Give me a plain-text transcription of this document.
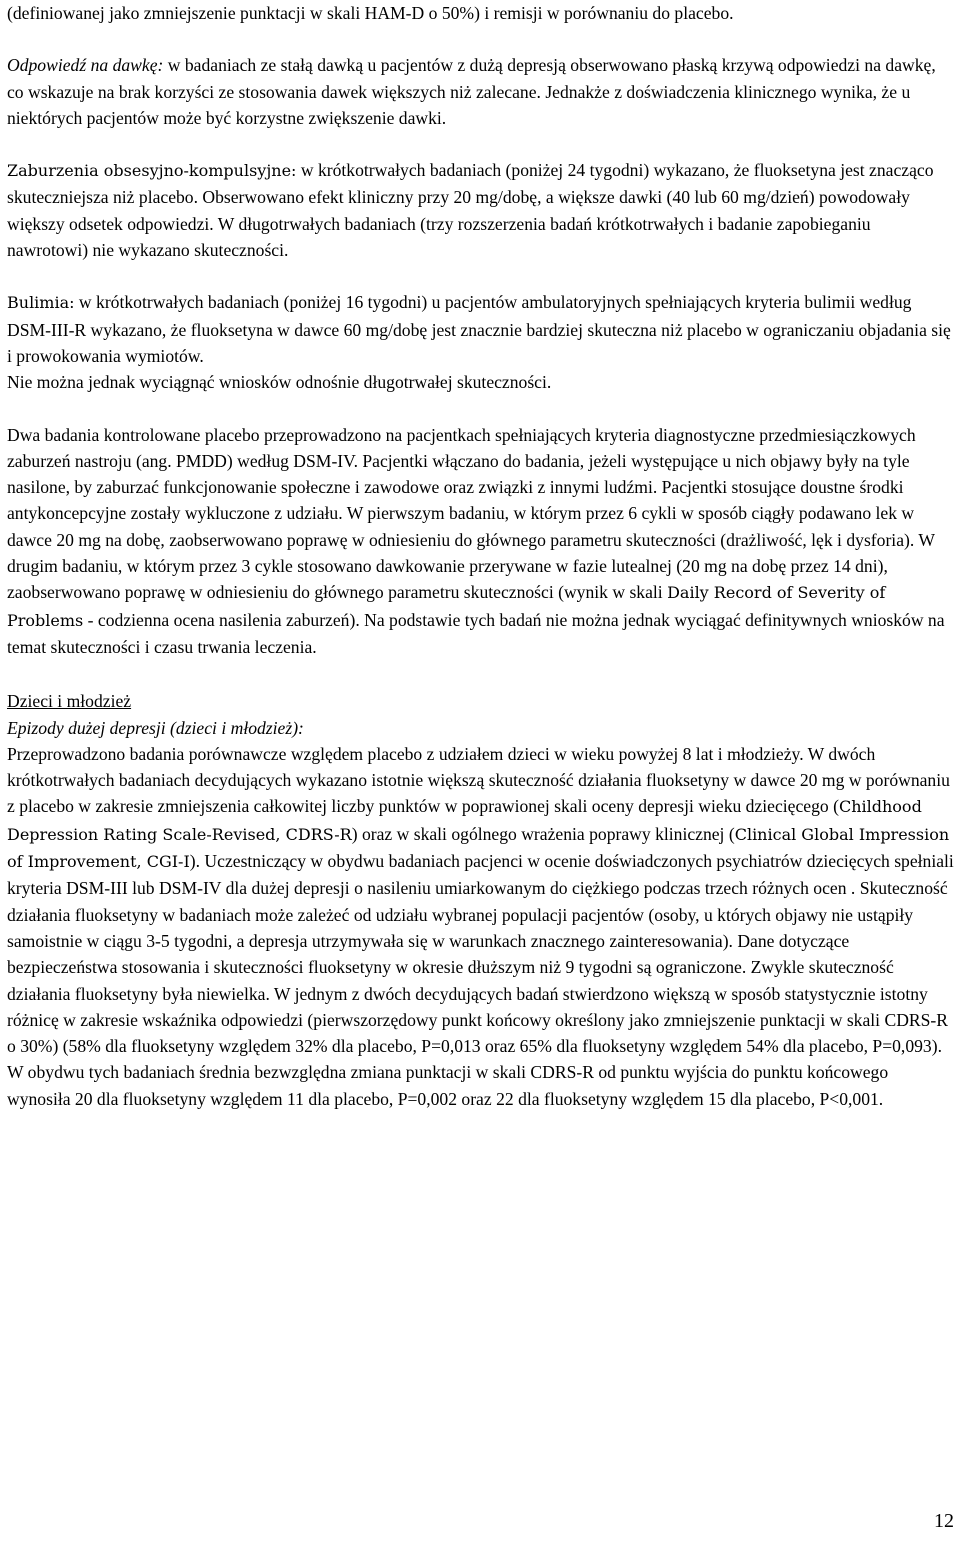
(definiowanej jako zmniejszenie punktacji w skali HAM-D o 50%) i remisji w porównaniu do placebo.

Odpowiedź na dawkę: w badaniach ze stałą dawką u pacjentów z dużą depresją obserwowano płaską krzywą odpowiedzi na dawkę, co wskazuje na brak korzyści ze stosowania dawek większych niż zalecane. Jednakże z doświadczenia klinicznego wynika, że u niektórych pacjentów może być korzystne zwiększenie dawki.

Zaburzenia obsesyjno-kompulsyjne: w krótkotrwałych badaniach (poniżej 24 tygodni) wykazano, że fluoksetyna jest znacząco skuteczniejsza niż placebo. Obserwowano efekt kliniczny przy 20 mg/dobę, a większe dawki (40 lub 60 mg/dzień) powodowały większy odsetek odpowiedzi. W długotrwałych badaniach (trzy rozszerzenia badań krótkotrwałych i badanie zapobieganiu nawrotowi) nie wykazano skuteczności.

Bulimia: w krótkotrwałych badaniach (poniżej 16 tygodni) u pacjentów ambulatoryjnych spełniających kryteria bulimii według DSM-III-R wykazano, że fluoksetyna w dawce 60 mg/dobę jest znacznie bardziej skuteczna niż placebo w ograniczaniu objadania się i prowokowania wymiotów.

Nie można jednak wyciągnąć wniosków odnośnie długotrwałej skuteczności.

Dwa badania kontrolowane placebo przeprowadzono na pacjentkach spełniających kryteria diagnostyczne przedmiesiączkowych zaburzeń nastroju (ang. PMDD) według DSM-IV. Pacjentki włączano do badania, jeżeli występujące u nich objawy były na tyle nasilone, by zaburzać funkcjonowanie społeczne i zawodowe oraz związki z innymi ludźmi. Pacjentki stosujące doustne środki antykoncepcyjne zostały wykluczone z udziału. W pierwszym badaniu, w którym przez 6 cykli w sposób ciągły podawano lek w dawce 20 mg na dobę, zaobserwowano poprawę w odniesieniu do głównego parametru skuteczności (drażliwość, lęk i dysforia). W drugim badaniu, w którym przez 3 cykle stosowano dawkowanie przerywane w fazie lutealnej (20 mg na dobę przez 14 dni), zaobserwowano poprawę w odniesieniu do głównego parametru skuteczności (wynik w skali Daily Record of Severity of Problems - codzienna ocena nasilenia zaburzeń). Na podstawie tych badań nie można jednak wyciągać definitywnych wniosków na temat skuteczności i czasu trwania leczenia.

Dzieci i młodzież

Epizody dużej depresji (dzieci i młodzież):

Przeprowadzono badania porównawcze względem placebo z udziałem dzieci w wieku powyżej 8 lat i młodzieży. W dwóch krótkotrwałych badaniach decydujących wykazano istotnie większą skuteczność działania fluoksetyny w dawce 20 mg w porównaniu z placebo w zakresie zmniejszenia całkowitej liczby punktów w poprawionej skali oceny depresji wieku dziecięcego (Childhood Depression Rating Scale-Revised, CDRS-R) oraz w skali ogólnego wrażenia poprawy klinicznej (Clinical Global Impression of Improvement, CGI-I). Uczestniczący w obydwu badaniach pacjenci w ocenie doświadczonych psychiatrów dziecięcych spełniali kryteria DSM-III lub DSM-IV dla dużej depresji o nasileniu umiarkowanym do ciężkiego podczas trzech różnych ocen . Skuteczność działania fluoksetyny w badaniach może zależeć od udziału wybranej populacji pacjentów (osoby, u których objawy nie ustąpiły samoistnie w ciągu 3-5 tygodni, a depresja utrzymywała się w warunkach znacznego zainteresowania). Dane dotyczące bezpieczeństwa stosowania i skuteczności fluoksetyny w okresie dłuższym niż 9 tygodni są ograniczone. Zwykle skuteczność działania fluoksetyny była niewielka. W jednym z dwóch decydujących badań stwierdzono większą w sposób statystycznie istotny różnicę w zakresie wskaźnika odpowiedzi (pierwszorzędowy punkt końcowy określony jako zmniejszenie punktacji w skali CDRS-R o 30%) (58% dla fluoksetyny względem 32% dla placebo, P=0,013 oraz 65% dla fluoksetyny względem 54% dla placebo, P=0,093). W obydwu tych badaniach średnia bezwzględna zmiana punktacji w skali CDRS-R od punktu wyjścia do punktu końcowego wynosiła 20 dla fluoksetyny względem 11 dla placebo, P=0,002 oraz 22 dla fluoksetyny względem 15 dla placebo, P<0,001.

12
